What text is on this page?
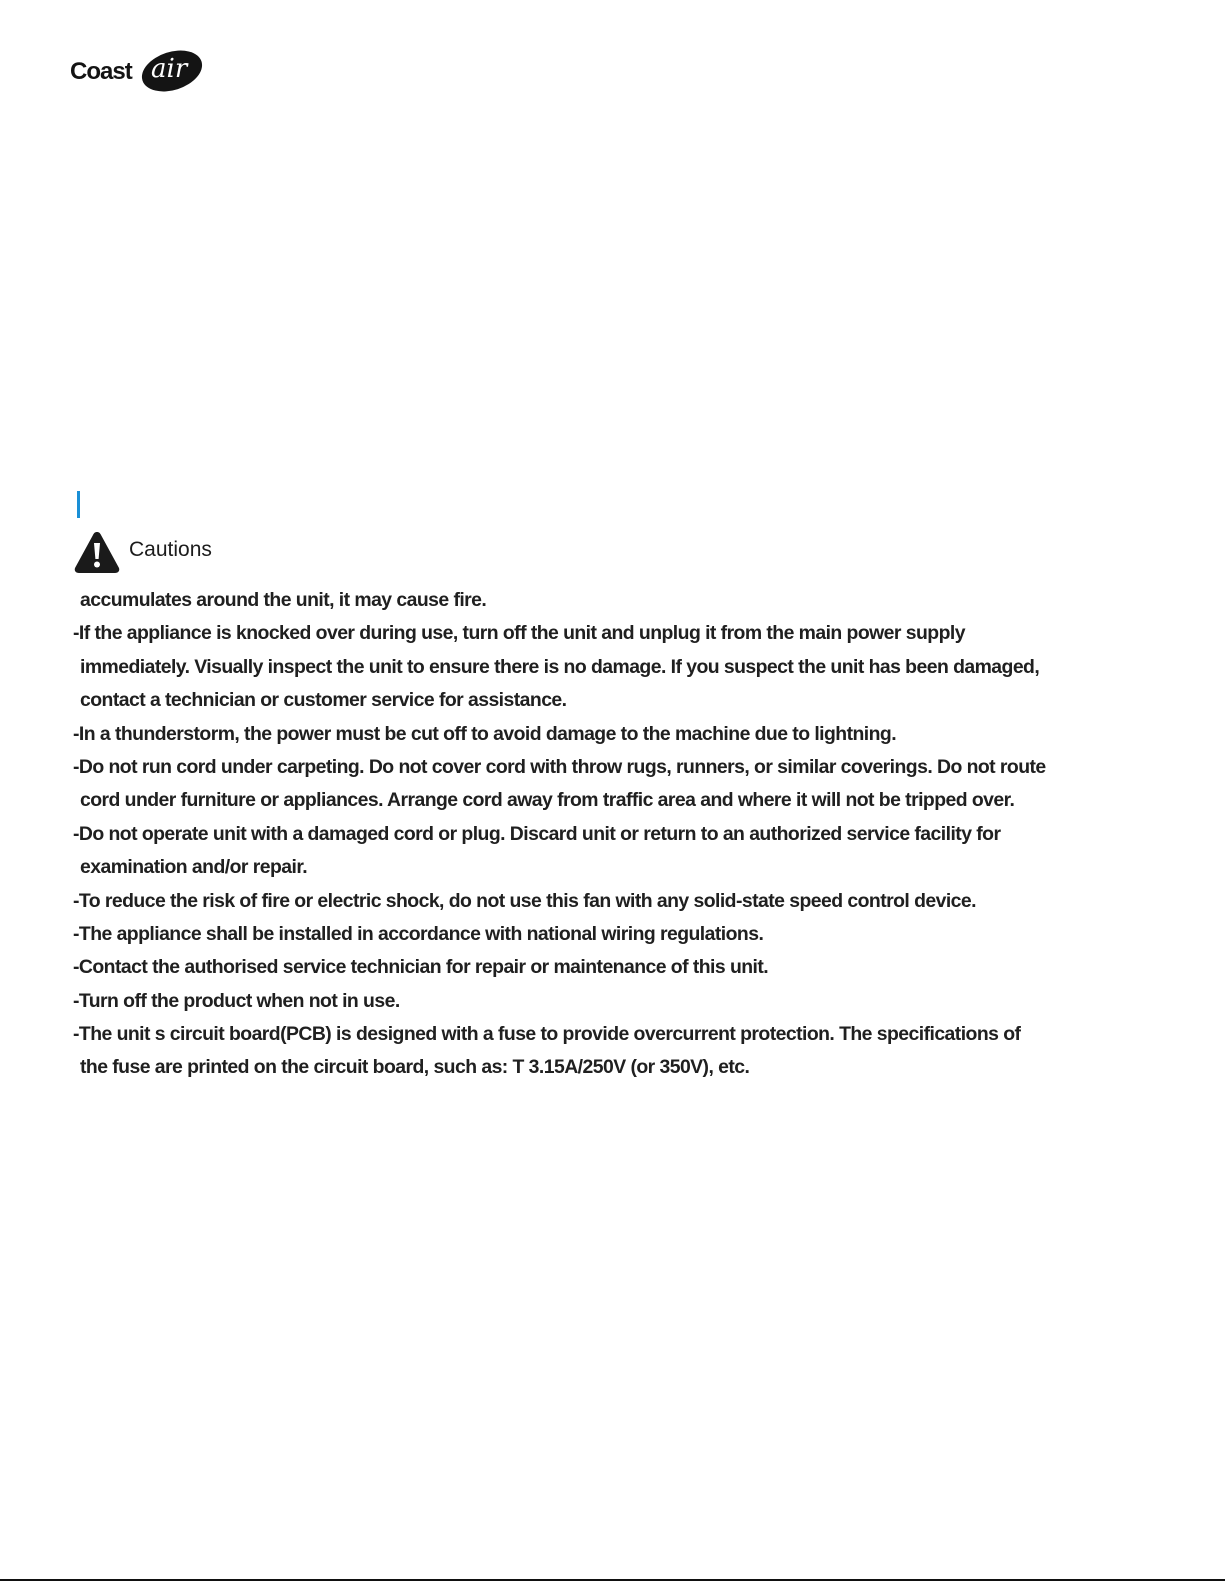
Coast air
Cautions
accumulates around the unit, it may cause fire.
-If the appliance is knocked over during use, turn off the unit and unplug it from the main power supply
immediately. Visually inspect the unit to ensure there is no damage. If you suspect the unit has been damaged,
contact a technician or customer service for assistance.
-In a thunderstorm, the power must be cut off to avoid damage to the machine due to lightning.
-Do not run cord under carpeting. Do not cover cord with throw rugs, runners, or similar coverings. Do not route
cord under furniture or appliances. Arrange cord away from traffic area and where it will not be tripped over.
-Do not operate unit with a damaged cord or plug. Discard unit or return to an authorized service facility for
examination and/or repair.
-To reduce the risk of fire or electric shock, do not use this fan with any solid-state speed control device.
-The appliance shall be installed in accordance with national wiring regulations.
-Contact the authorised service technician for repair or maintenance of this unit.
-Turn off the product when not in use.
-The unit s circuit board(PCB) is designed with a fuse to provide overcurrent protection. The specifications of
the fuse are printed on the circuit board, such as: T 3.15A/250V (or 350V), etc.
